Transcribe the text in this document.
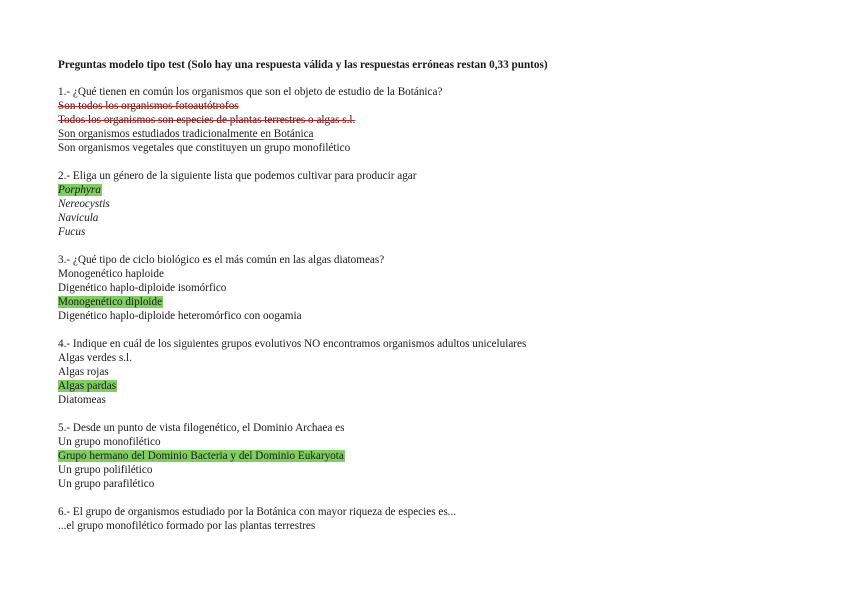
Preguntas modelo tipo test (Solo hay una respuesta válida y las respuestas erróneas restan 0,33 puntos)
1.- ¿Qué tienen en común los organismos que son el objeto de estudio de la Botánica?
Son todos los organismos fotoautótrofos
Todos los organismos son especies de plantas terrestres o algas s.l.
Son organismos estudiados tradicionalmente en Botánica
Son organismos vegetales que constituyen un grupo monofilético
2.- Eliga un género de la siguiente lista que podemos cultivar para producir agar
Porphyra
Nereocystis
Navicula
Fucus
3.- ¿Qué tipo de ciclo biológico es el más común en las algas diatomeas?
Monogenético haploide
Digenético haplo-diploide isomórfico
Monogenético diploide
Digenético haplo-diploide heteromórfico con oogamia
4.- Indique en cuál de los siguientes grupos evolutivos NO encontramos organismos adultos unicelulares
Algas verdes s.l.
Algas rojas
Algas pardas
Diatomeas
5.- Desde un punto de vista filogenético, el Dominio Archaea es
Un grupo monofilético
Grupo hermano del Dominio Bacteria y del Dominio Eukaryota
Un grupo polifilético
Un grupo parafilético
6.- El grupo de organismos estudiado por la Botánica con mayor riqueza de especies es...
...el grupo monofilético formado por las plantas terrestres
